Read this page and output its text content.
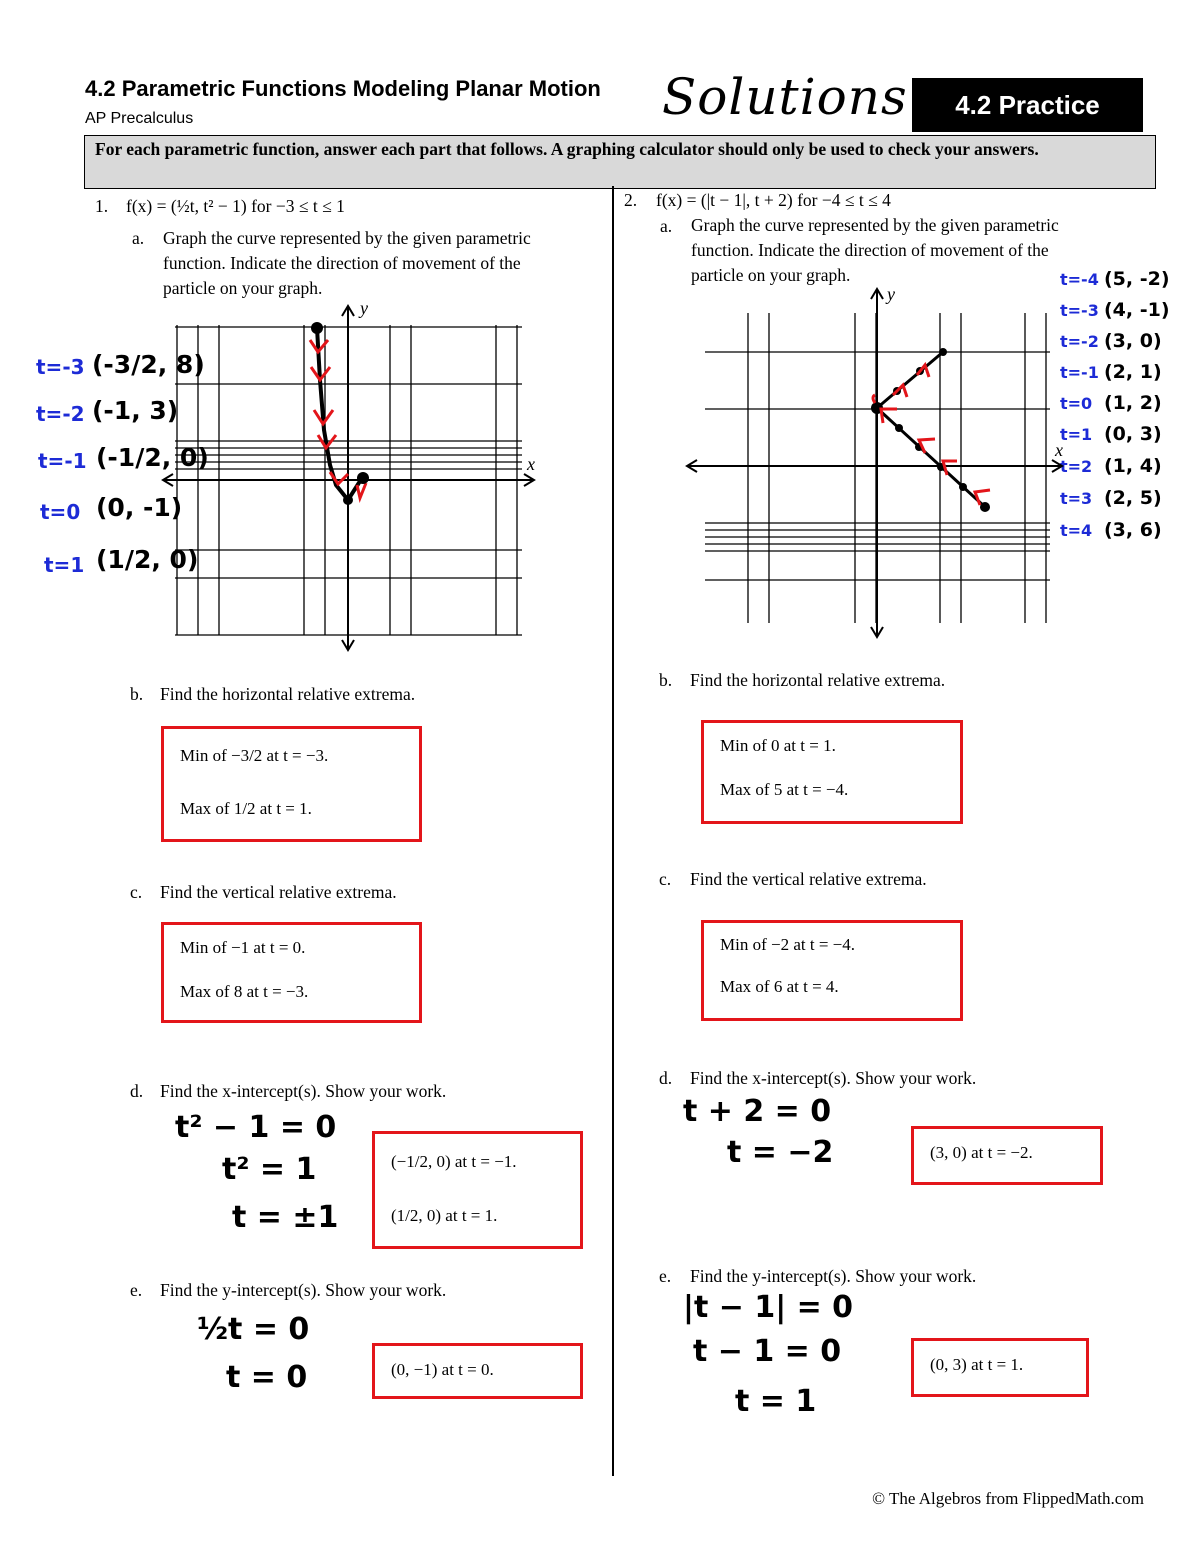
4.2 Parametric Functions Modeling Planar Motion
AP Precalculus	Solutions	4.2 Practice
For each parametric function, answer each part that follows. A graphing calculator should only be used to check your answers.
1. f(x) = (½t, t² − 1) for −3 ≤ t ≤ 1
a. Graph the curve represented by the given parametric function. Indicate the direction of movement of the particle on your graph.
t=-3 (-3/2, 8)
t=-2 (-1, 3)
t=-1 (-1/2, 0)
t=0 (0, -1)
t=1 (1/2, 0)
x
y
b. Find the horizontal relative extrema.
Min of −3/2 at t = −3.
Max of 1/2 at t = 1.
c. Find the vertical relative extrema.
Min of −1 at t = 0.
Max of 8 at t = −3.
d. Find the x-intercept(s). Show your work.
t² − 1 = 0
t² = 1
t = ±1
(−1/2, 0) at t = −1.
(1/2, 0) at t = 1.
e. Find the y-intercept(s). Show your work.
½t = 0
t = 0	(0, −1) at t = 0.
2. f(x) = (|t − 1|, t + 2) for −4 ≤ t ≤ 4
a. Graph the curve represented by the given parametric function. Indicate the direction of movement of the particle on your graph.	t=-4 (5, -2)
t=-3 (4, -1)
t=-2 (3, 0)
t=-1 (2, 1)
t=0 (1, 2)
t=1 (0, 3)
t=2 (1, 4)
t=3 (2, 5)
t=4 (3, 6)
x
y
b. Find the horizontal relative extrema.
Min of 0 at t = 1.
Max of 5 at t = −4.
c. Find the vertical relative extrema.
Min of −2 at t = −4.
Max of 6 at t = 4.
d. Find the x-intercept(s). Show your work.
t + 2 = 0
t = −2	(3, 0) at t = −2.
e. Find the y-intercept(s). Show your work.
|t − 1| = 0
t − 1 = 0
t = 1
(0, 3) at t = 1.
© The Algebros from FlippedMath.com
